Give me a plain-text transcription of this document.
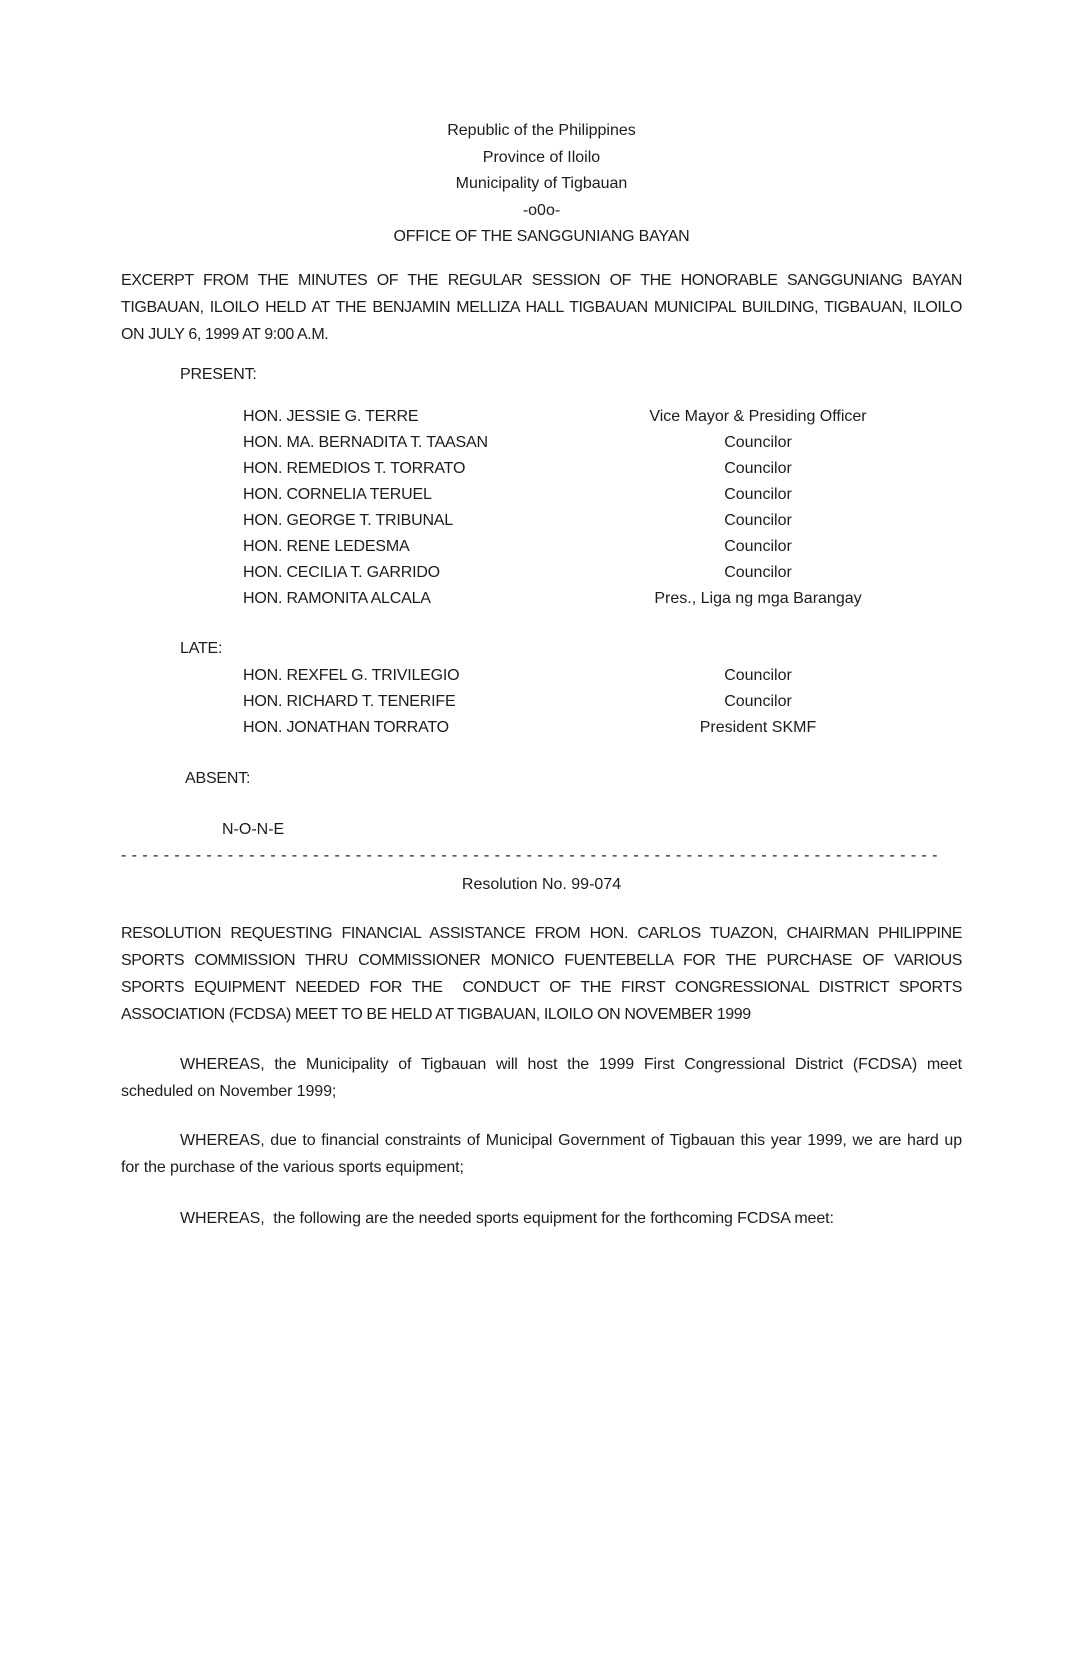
Republic of the Philippines
Province of Iloilo
Municipality of Tigbauan
-o0o-
OFFICE OF THE SANGGUNIANG BAYAN

EXCERPT FROM THE MINUTES OF THE REGULAR SESSION OF THE HONORABLE SANGGUNIANG BAYAN TIGBAUAN, ILOILO HELD AT THE BENJAMIN MELLIZA HALL TIGBAUAN MUNICIPAL BUILDING, TIGBAUAN, ILOILO  ON JULY 6, 1999 AT 9:00 A.M.

PRESENT:
HON. JESSIE G. TERRE	Vice Mayor & Presiding Officer
HON. MA. BERNADITA T. TAASAN	Councilor
HON. REMEDIOS T. TORRATO	Councilor
HON. CORNELIA TERUEL	Councilor
HON. GEORGE T. TRIBUNAL	Councilor
HON. RENE LEDESMA	Councilor
HON. CECILIA T. GARRIDO	Councilor
HON. RAMONITA ALCALA	Pres., Liga ng mga Barangay
LATE:
HON. REXFEL G. TRIVILEGIO	Councilor
HON. RICHARD T. TENERIFE	Councilor
HON. JONATHAN TORRATO	President SKMF
ABSENT:
N-O-N-E
- - - - - - - - - - - - - - - - - - - - - - - - - - - - - - - - - - - - - - - - - - - - - - - - - - - - - - - - - - - - - - - - - - - - - - - - - - - - -
Resolution No. 99-074

RESOLUTION REQUESTING FINANCIAL ASSISTANCE FROM HON. CARLOS TUAZON, CHAIRMAN PHILIPPINE SPORTS COMMISSION THRU COMMISSIONER MONICO FUENTEBELLA FOR THE PURCHASE OF VARIOUS SPORTS EQUIPMENT NEEDED FOR THE  CONDUCT OF THE FIRST CONGRESSIONAL DISTRICT SPORTS ASSOCIATION (FCDSA) MEET TO BE HELD AT TIGBAUAN, ILOILO ON NOVEMBER 1999

WHEREAS, the Municipality of Tigbauan will host the 1999 First Congressional District (FCDSA) meet scheduled on November 1999;

WHEREAS, due to financial constraints of Municipal Government of Tigbauan this year 1999, we are hard up for the purchase of the various sports equipment;

WHEREAS,  the following are the needed sports equipment for the forthcoming FCDSA meet:
